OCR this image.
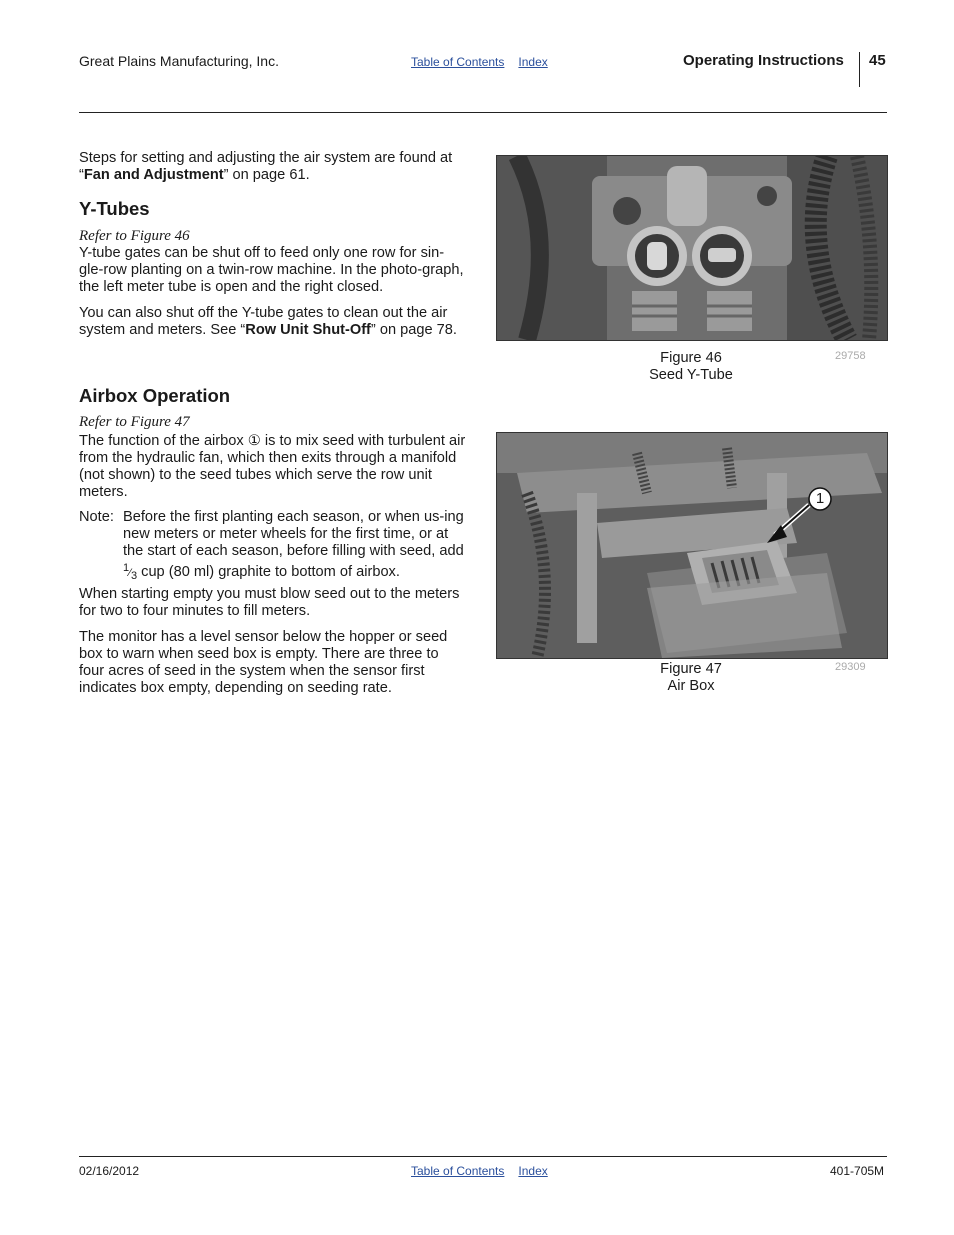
Great Plains Manufacturing, Inc.	Table of Contents Index	Operating Instructions 45

Steps for setting and adjusting the air system are found at “Fan and Adjustment” on page 61.

Y-Tubes
Refer to Figure 46

Y-tube gates can be shut off to feed only one row for sin-gle-row planting on a twin-row machine. In the photo-graph, the left meter tube is open and the right closed.

You can also shut off the Y-tube gates to clean out the air system and meters. See “Row Unit Shut-Off” on page 78.

Airbox Operation
Refer to Figure 47

The function of the airbox ① is to mix seed with turbulent air from the hydraulic fan, which then exits through a manifold (not shown) to the seed tubes which serve the row unit meters.

Note: Before the first planting each season, or when us-ing new meters or meter wheels for the first time, or at the start of each season, before filling with seed, add $^1⁄_3$ cup (80 ml) graphite to bottom of airbox.

When starting empty you must blow seed out to the meters for two to four minutes to fill meters.

The monitor has a level sensor below the hopper or seed box to warn when seed box is empty. There are three to four acres of seed in the system when the sensor first indicates box empty, depending on seeding rate.

Figure 46
Seed Y-Tube
29758
1
Figure 47
Air Box
29309
02/16/2012	Table of Contents Index	401-705M
